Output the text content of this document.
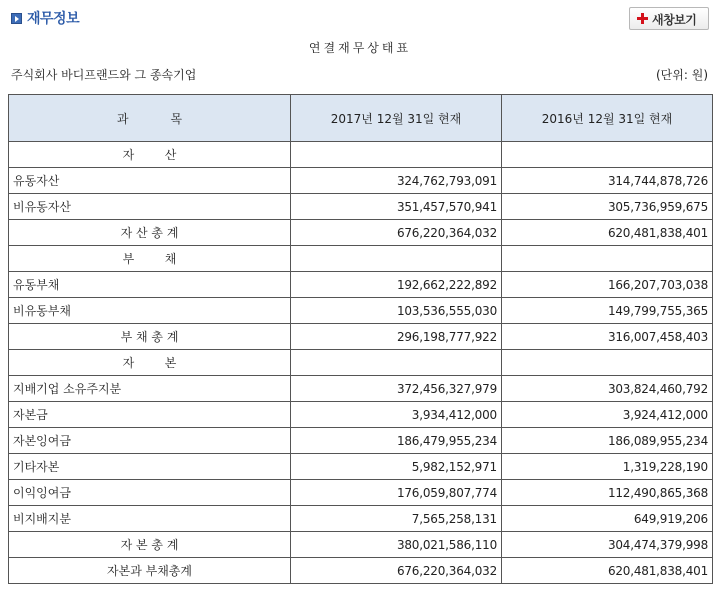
재무정보	새창보기
연결재무상태표
주식회사 바디프랜드와 그 종속기업	(단위: 원)
과           목	2017년 12월 31일 현재	2016년 12월 31일 현재
자        산		
유동자산	324,762,793,091	314,744,878,726
비유동자산	351,457,570,941	305,736,959,675
자 산 총 계	676,220,364,032	620,481,838,401
부        채		
유동부채	192,662,222,892	166,207,703,038
비유동부채	103,536,555,030	149,799,755,365
부 채 총 계	296,198,777,922	316,007,458,403
자        본		
지배기업 소유주지분	372,456,327,979	303,824,460,792
자본금	3,934,412,000	3,924,412,000
자본잉여금	186,479,955,234	186,089,955,234
기타자본	5,982,152,971	1,319,228,190
이익잉여금	176,059,807,774	112,490,865,368
비지배지분	7,565,258,131	649,919,206
자 본 총 계	380,021,586,110	304,474,379,998
자본과 부채총계	676,220,364,032	620,481,838,401
